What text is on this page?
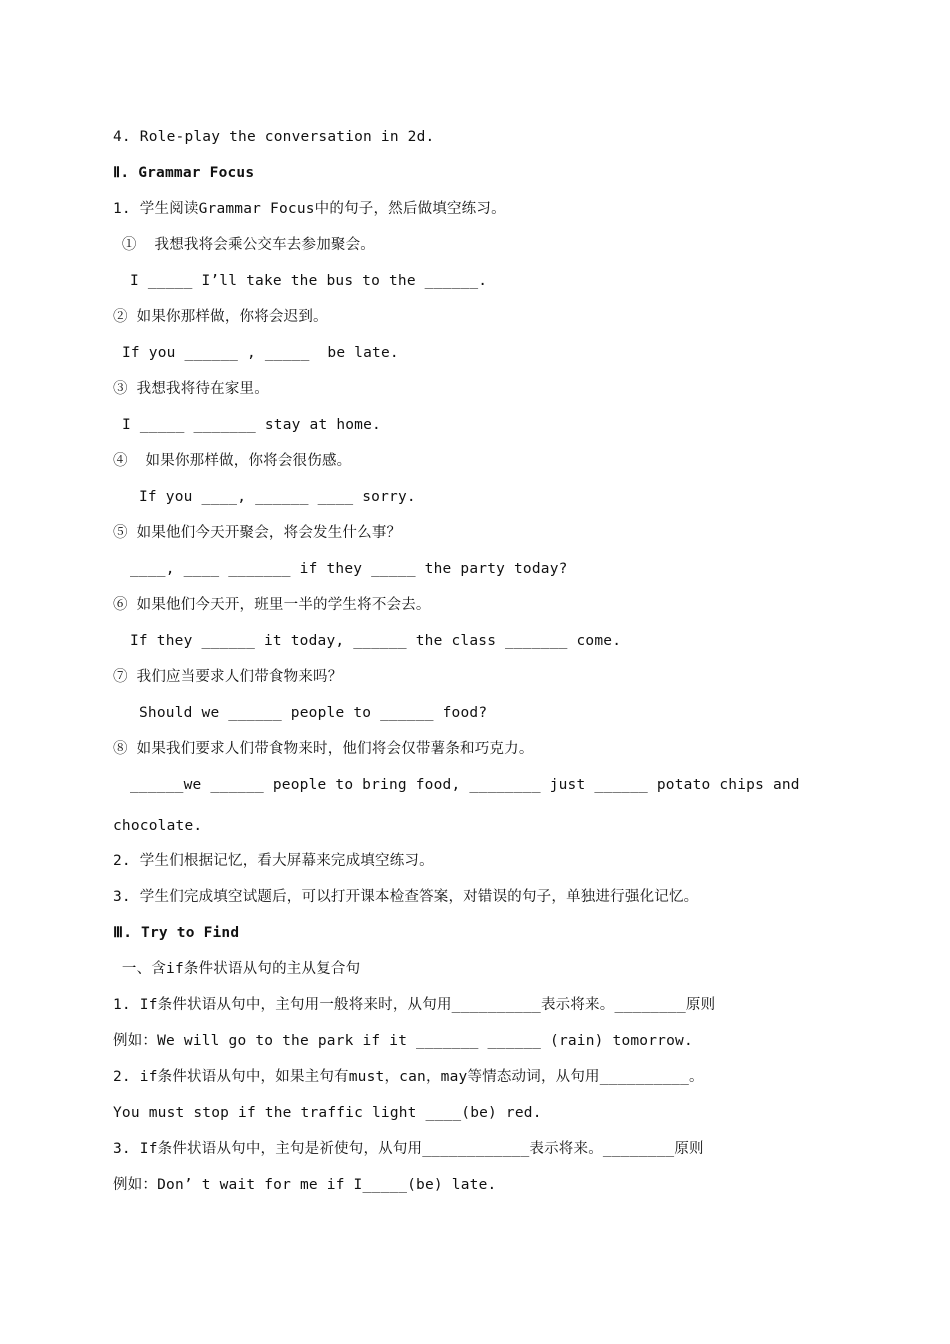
4. Role-play the conversation in 2d.
Ⅱ. Grammar Focus
1. 学生阅读Grammar Focus中的句子，然后做填空练习。
①  我想我将会乘公交车去参加聚会。
I _____ I’ll take the bus to the ______.
② 如果你那样做，你将会迟到。
If you ______ , _____  be late.
③ 我想我将待在家里。
I _____ _______ stay at home.
④  如果你那样做，你将会很伤感。
If you ____, ______ ____ sorry.
⑤ 如果他们今天开聚会，将会发生什么事？
____, ____ _______ if they _____ the party today?
⑥ 如果他们今天开，班里一半的学生将不会去。
If they ______ it today, ______ the class _______ come.
⑦ 我们应当要求人们带食物来吗？
Should we ______ people to ______ food?
⑧ 如果我们要求人们带食物来时，他们将会仅带薯条和巧克力。
______we ______ people to bring food, ________ just ______ potato chips and
chocolate.
2. 学生们根据记忆，看大屏幕来完成填空练习。
3. 学生们完成填空试题后，可以打开课本检查答案，对错误的句子，单独进行强化记忆。
Ⅲ. Try to Find
一、含if条件状语从句的主从复合句
1. If条件状语从句中，主句用一般将来时，从句用__________表示将来。________原则
例如：We will go to the park if it _______ ______ (rain) tomorrow.
2. if条件状语从句中，如果主句有must，can，may等情态动词，从句用__________。
You must stop if the traffic light ____(be) red.
3. If条件状语从句中，主句是祈使句，从句用____________表示将来。________原则
例如：Don’ t wait for me if I_____(be) late.
